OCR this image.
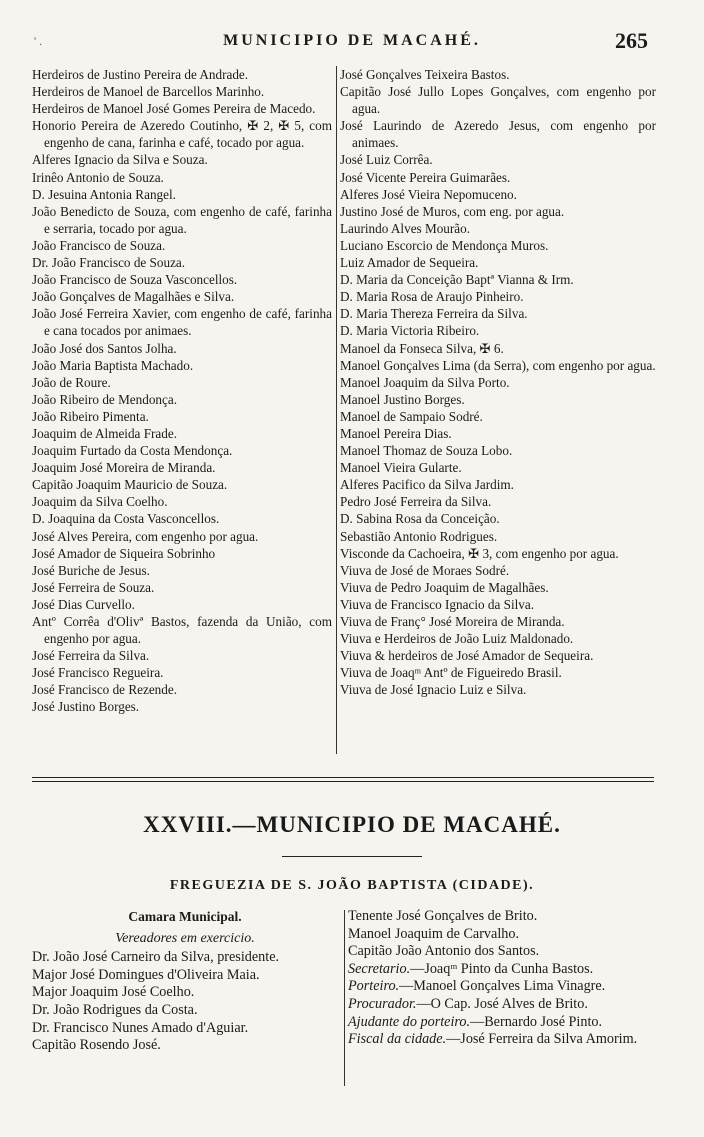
' .	MUNICIPIO DE MACAHÉ.	265
Herdeiros de Justino Pereira de Andrade.
Herdeiros de Manoel de Barcellos Marinho.
Herdeiros de Manoel José Gomes Pereira de Macedo.
Honorio Pereira de Azeredo Coutinho, ✠ 2, ✠ 5, com engenho de cana, farinha e café, tocado por agua.
Alferes Ignacio da Silva e Souza.
Irinêo Antonio de Souza.
D. Jesuina Antonia Rangel.
João Benedicto de Souza, com engenho de café, farinha e serraria, tocado por agua.
João Francisco de Souza.
Dr. João Francisco de Souza.
João Francisco de Souza Vasconcellos.
João Gonçalves de Magalhães e Silva.
João José Ferreira Xavier, com engenho de café, farinha e cana tocados por animaes.
João José dos Santos Jolha.
João Maria Baptista Machado.
João de Roure.
João Ribeiro de Mendonça.
João Ribeiro Pimenta.
Joaquim de Almeida Frade.
Joaquim Furtado da Costa Mendonça.
Joaquim José Moreira de Miranda.
Capitão Joaquim Mauricio de Souza.
Joaquim da Silva Coelho.
D. Joaquina da Costa Vasconcellos.
José Alves Pereira, com engenho por agua.
José Amador de Siqueira Sobrinho
José Buriche de Jesus.
José Ferreira de Souza.
José Dias Curvello.
Antº Corrêa d'Olivª Bastos, fazenda da União, com engenho por agua.
José Ferreira da Silva.
José Francisco Regueira.
José Francisco de Rezende.
José Justino Borges.
José Gonçalves Teixeira Bastos.
Capitão José Jullo Lopes Gonçalves, com engenho por agua.
José Laurindo de Azeredo Jesus, com engenho por animaes.
José Luiz Corrêa.
José Vicente Pereira Guimarães.
Alferes José Vieira Nepomuceno.
Justino José de Muros, com eng. por agua.
Laurindo Alves Mourão.
Luciano Escorcio de Mendonça Muros.
Luiz Amador de Sequeira.
D. Maria da Conceição Baptª Vianna & Irm.
D. Maria Rosa de Araujo Pinheiro.
D. Maria Thereza Ferreira da Silva.
D. Maria Victoria Ribeiro.
Manoel da Fonseca Silva, ✠ 6.
Manoel Gonçalves Lima (da Serra), com engenho por agua.
Manoel Joaquim da Silva Porto.
Manoel Justino Borges.
Manoel de Sampaio Sodré.
Manoel Pereira Dias.
Manoel Thomaz de Souza Lobo.
Manoel Vieira Gularte.
Alferes Pacifico da Silva Jardim.
Pedro José Ferreira da Silva.
D. Sabina Rosa da Conceição.
Sebastião Antonio Rodrigues.
Visconde da Cachoeira, ✠ 3, com engenho por agua.
Viuva de José de Moraes Sodré.
Viuva de Pedro Joaquim de Magalhães.
Viuva de Francisco Ignacio da Silva.
Viuva de Franç° José Moreira de Miranda.
Viuva e Herdeiros de João Luiz Maldonado.
Viuva & herdeiros de José Amador de Sequeira.
Viuva de Joaqᵐ Antº de Figueiredo Brasil.
Viuva de José Ignacio Luiz e Silva.
XXVIII.—MUNICIPIO DE MACAHÉ.
FREGUEZIA DE S. JOÃO BAPTISTA (CIDADE).
Camara Municipal.
Vereadores em exercicio.
Dr. João José Carneiro da Silva, presidente.
Major José Domingues d'Oliveira Maia.
Major Joaquim José Coelho.
Dr. João Rodrigues da Costa.
Dr. Francisco Nunes Amado d'Aguiar.
Capitão Rosendo José.
Tenente José Gonçalves de Brito.
Manoel Joaquim de Carvalho.
Capitão João Antonio dos Santos.
Secretario.—Joaqᵐ Pinto da Cunha Bastos.
Porteiro.—Manoel Gonçalves Lima Vinagre.
Procurador.—O Cap. José Alves de Brito.
Ajudante do porteiro.—Bernardo José Pinto.
Fiscal da cidade.—José Ferreira da Silva Amorim.
